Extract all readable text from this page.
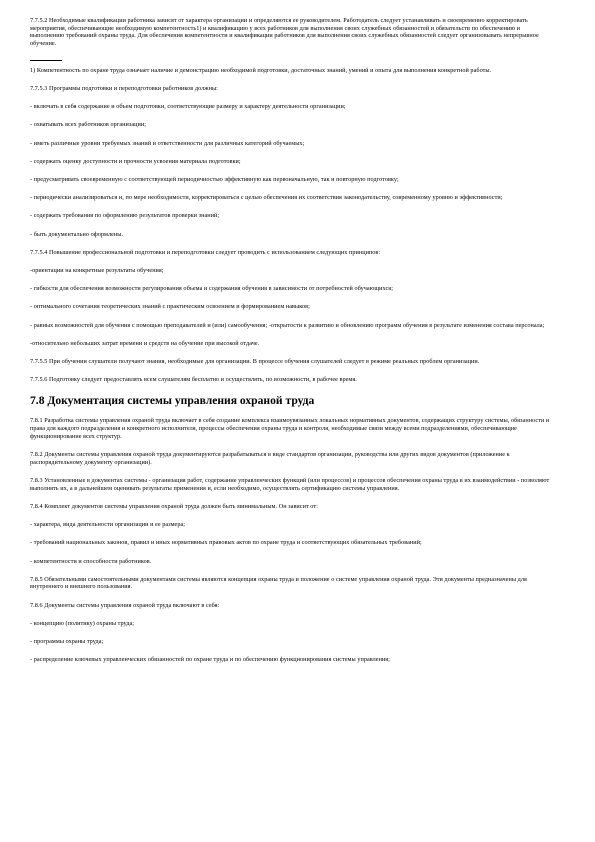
7.7.5.2 Необходимые квалификации работника зависят от характера организации и определяются ее руководителем. Работодатель следует устанавливать и своевременно корректировать мероприятия, обеспечивающие необходимую компетентность1) и квалификацию у всех работников для выполнения своих служебных обязанностей и обязательств по обеспечению и выполнению требований охраны труда. Для обеспечения компетентности и квалификации работников для выполнения своих служебных обязанностей следует организовывать непрерывное обучение.

1) Компетентность по охране труда означает наличие и демонстрацию необходимой подготовки, достаточных знаний, умений и опыта для выполнения конкретной работы.

7.7.5.3 Программы подготовки и переподготовки работников должны:

- включать в себя содержание и объем подготовки, соответствующие размеру и характеру деятельности организации;

- охватывать всех работников организации;

- иметь различные уровни требуемых знаний и ответственности для различных категорий обучаемых;

- содержать оценку доступности и прочности усвоения материала подготовки;

- предусматривать своевременную с соответствующей периодичностью эффективную как первоначальную, так и повторную подготовку;

- периодически анализироваться и, по мере необходимости, корректироваться с целью обеспечения их соответствия законодательству, современному уровню и эффективности;

- содержать требования по оформлению результатов проверки знаний;

- быть документально оформлены.

7.7.5.4 Повышение профессиональной подготовки и переподготовки следует проводить с использованием следующих принципов:

-ориентации на конкретные результаты обучения;

- гибкости для обеспечения возможности регулирования объема и содержания обучения в зависимости от потребностей обучающихся;

- оптимального сочетания теоретических знаний с практическим освоением и формированием навыков;

- равных возможностей для обучения с помощью преподавателей и (или) самообучения; -открытости к развитию и обновлению программ обучения в результате изменения состава персонала;

-относительно небольших затрат времени и средств на обучение при высокой отдаче.

7.7.5.5 При обучении слушатели получают знания, необходимые для организации. В процессе обучения слушателей следует в режиме реальных проблем организации.

7.7.5.6 Подготовку следует предоставлять всем слушателям бесплатно и осуществлять, по возможности, в рабочее время.

7.8 Документация системы управления охраной труда

7.8.1 Разработка системы управления охраной труда включает в себя создание комплекса взаимоувязанных локальных нормативных документов, содержащих структуру системы, обязанности и права для каждого подразделения и конкретного исполнителя, процессы обеспечения охраны труда и контроля, необходимые связи между всеми подразделениями, обеспечивающие функционирование всех структур.

7.8.2 Документы системы управления охраной труда документируются разрабатываться в виде стандартов организации, руководства или других видов документов (приложение к распорядительному документу организации).

7.8.3 Установленные в документах системы - организация работ, содержание управленческих функций (или процессов) и процессов обеспечения охраны труда в их взаимодействии - позволяют выполнять их, а в дальнейшем оценивать результаты применения и, если необходимо, осуществлять сертификацию системы управления.

7.8.4 Комплект документов системы управления охраной труда должен быть минимальным. Он зависит от:

- характера, вида деятельности организации и ее размера;

- требований национальных законов, правил и иных нормативных правовых актов по охране труда и соответствующих обязательных требований;

- компетентности и способности работников.

7.8.5 Обязательными самостоятельными документами системы являются концепция охраны труда и положение о системе управления охраной труда. Эти документы предназначены для внутреннего и внешнего пользования.

7.8.6 Документы системы управления охраной труда включают в себя:

- концепцию (политику) охраны труда;

- программы охраны труда;

- распределение ключевых управленческих обязанностей по охране труда и по обеспечению функционирования системы управления;
